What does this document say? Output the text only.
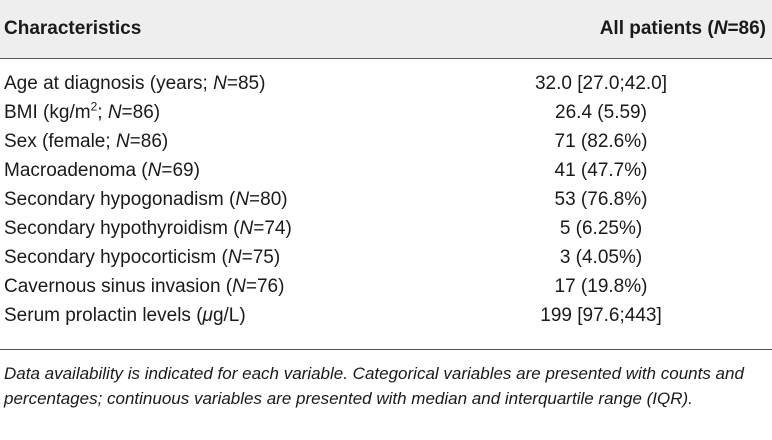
Characteristics	All patients (N=86)
Age at diagnosis (years; N=85)	32.0 [27.0;42.0]
BMI ($kg/m^2$; N=86)	26.4 (5.59)
Sex (female; N=86)	71 (82.6%)
Macroadenoma (N=69)	41 (47.7%)
Secondary hypogonadism (N=80)	53 (76.8%)
Secondary hypothyroidism (N=74)	5 (6.25%)
Secondary hypocorticism (N=75)	3 (4.05%)
Cavernous sinus invasion (N=76)	17 (19.8%)
Serum prolactin levels (μg/L)	199 [97.6;443]
Data availability is indicated for each variable. Categorical variables are presented with counts and percentages; continuous variables are presented with median and interquartile range (IQR).
